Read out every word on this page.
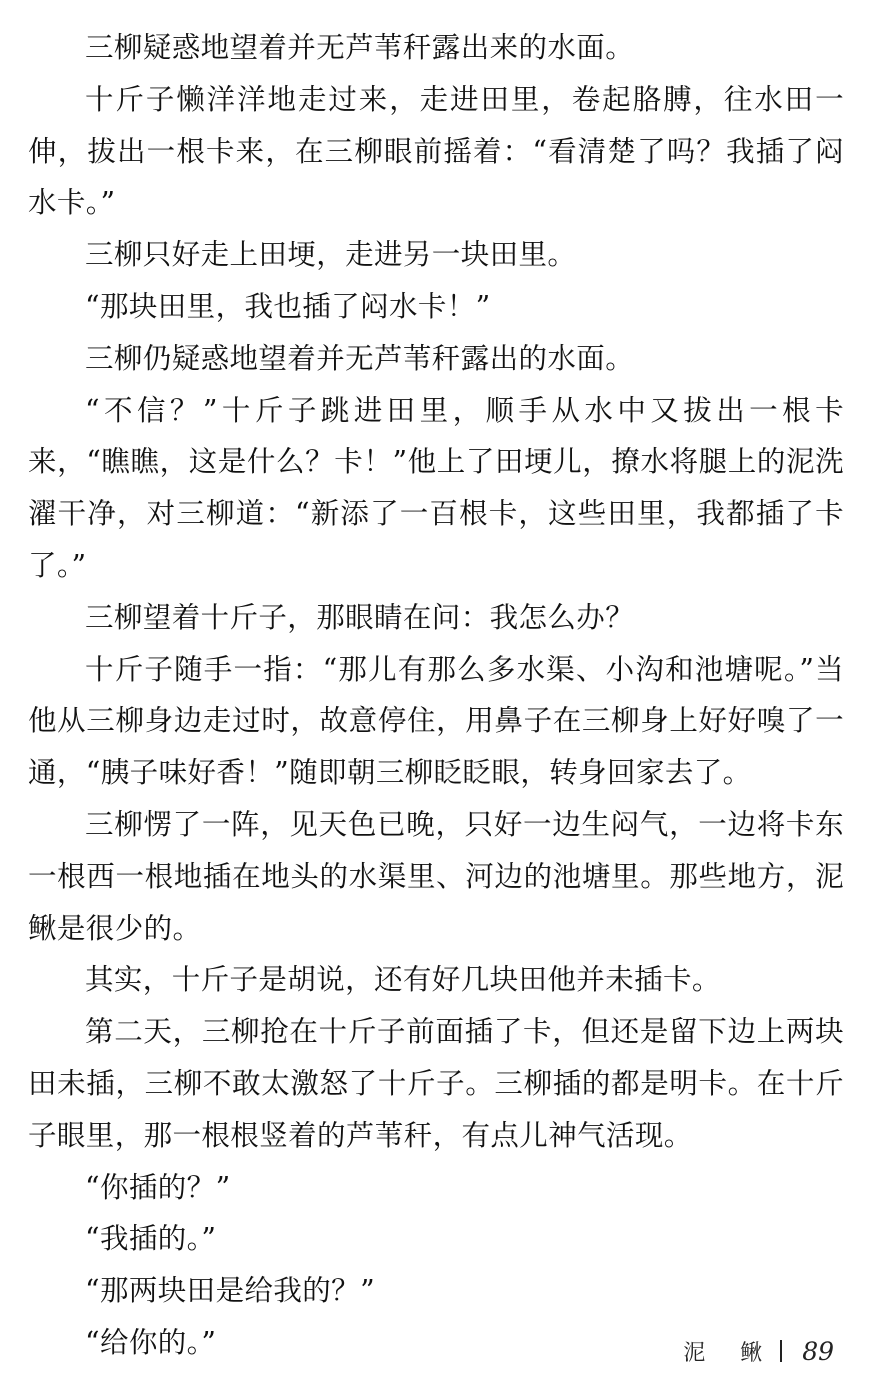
三柳疑惑地望着并无芦苇秆露出来的水面。

十斤子懒洋洋地走过来，走进田里，卷起胳膊，往水田一伸，拔出一根卡来，在三柳眼前摇着：“看清楚了吗？我插了闷水卡。”

三柳只好走上田埂，走进另一块田里。

“那块田里，我也插了闷水卡！”

三柳仍疑惑地望着并无芦苇秆露出的水面。

“不信？”十斤子跳进田里，顺手从水中又拔出一根卡来，“瞧瞧，这是什么？卡！”他上了田埂儿，撩水将腿上的泥洗濯干净，对三柳道：“新添了一百根卡，这些田里，我都插了卡了。”

三柳望着十斤子，那眼睛在问：我怎么办？

十斤子随手一指：“那儿有那么多水渠、小沟和池塘呢。”当他从三柳身边走过时，故意停住，用鼻子在三柳身上好好嗅了一通，“胰子味好香！”随即朝三柳眨眨眼，转身回家去了。

三柳愣了一阵，见天色已晚，只好一边生闷气，一边将卡东一根西一根地插在地头的水渠里、河边的池塘里。那些地方，泥鳅是很少的。

其实，十斤子是胡说，还有好几块田他并未插卡。

第二天，三柳抢在十斤子前面插了卡，但还是留下边上两块田未插，三柳不敢太激怒了十斤子。三柳插的都是明卡。在十斤子眼里，那一根根竖着的芦苇秆，有点儿神气活现。

“你插的？”

“我插的。”

“那两块田是给我的？”

“给你的。”	泥 鳅 89
